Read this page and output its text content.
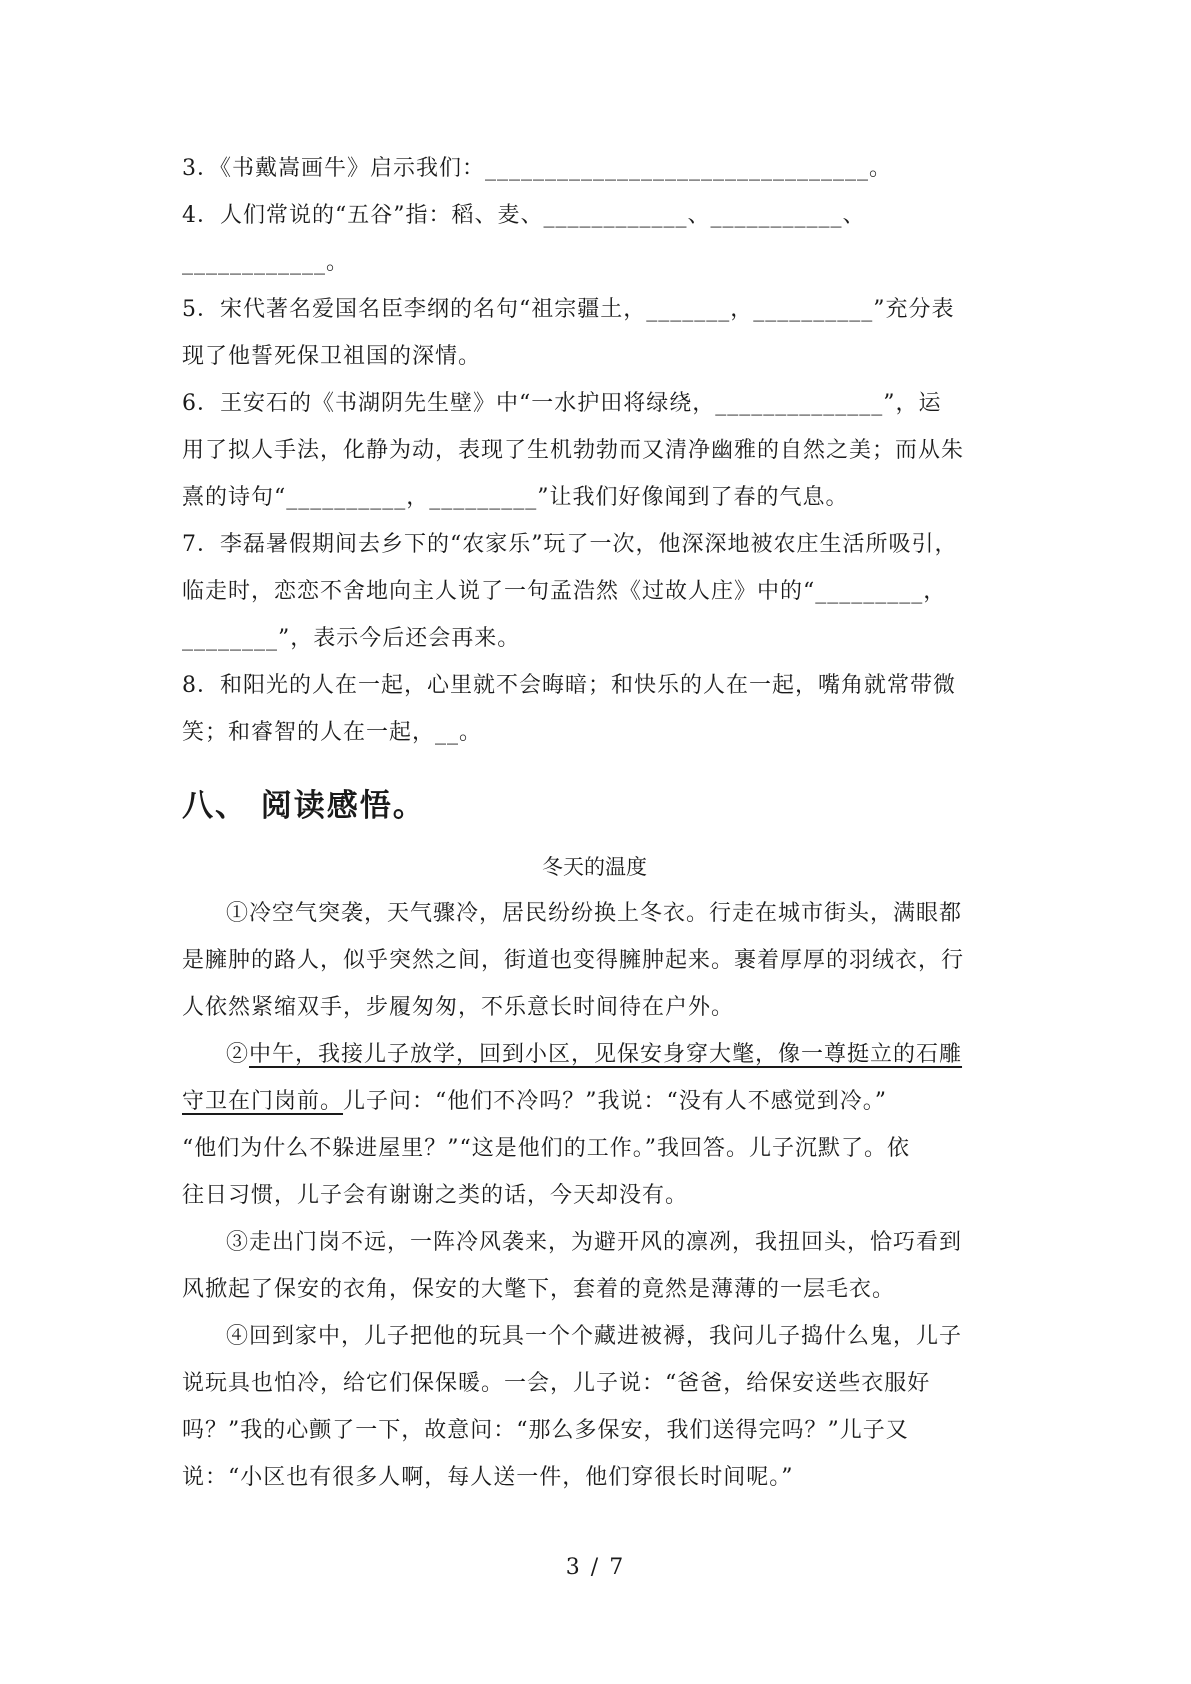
3．《书戴嵩画牛》启示我们：________________________________。

4．人们常说的“五谷”指：稻、麦、____________、___________、

____________。

5．宋代著名爱国名臣李纲的名句“祖宗疆土，_______，__________”充分表

现了他誓死保卫祖国的深情。

6．王安石的《书湖阴先生壁》中“一水护田将绿绕，______________”，运

用了拟人手法，化静为动，表现了生机勃勃而又清净幽雅的自然之美；而从朱

熹的诗句“__________，_________”让我们好像闻到了春的气息。

7．李磊暑假期间去乡下的“农家乐”玩了一次，他深深地被农庄生活所吸引，

临走时，恋恋不舍地向主人说了一句孟浩然《过故人庄》中的“_________，

________”，表示今后还会再来。

8．和阳光的人在一起，心里就不会晦暗；和快乐的人在一起，嘴角就常带微

笑；和睿智的人在一起，__。

八、 阅读感悟。

冬天的温度

①冷空气突袭，天气骤冷，居民纷纷换上冬衣。行走在城市街头，满眼都

是臃肿的路人，似乎突然之间，街道也变得臃肿起来。裹着厚厚的羽绒衣，行

人依然紧缩双手，步履匆匆，不乐意长时间待在户外。

②中午，我接儿子放学，回到小区，见保安身穿大氅，像一尊挺立的石雕

守卫在门岗前。儿子问：“他们不冷吗？”我说：“没有人不感觉到冷。”

“他们为什么不躲进屋里？”“这是他们的工作。”我回答。儿子沉默了。依

往日习惯，儿子会有谢谢之类的话，今天却没有。

③走出门岗不远，一阵冷风袭来，为避开风的凛冽，我扭回头，恰巧看到

风掀起了保安的衣角，保安的大氅下，套着的竟然是薄薄的一层毛衣。

④回到家中，儿子把他的玩具一个个藏进被褥，我问儿子捣什么鬼，儿子

说玩具也怕冷，给它们保保暖。一会，儿子说：“爸爸，给保安送些衣服好

吗？”我的心颤了一下，故意问：“那么多保安，我们送得完吗？”儿子又

说：“小区也有很多人啊，每人送一件，他们穿很长时间呢。”

3 / 7
